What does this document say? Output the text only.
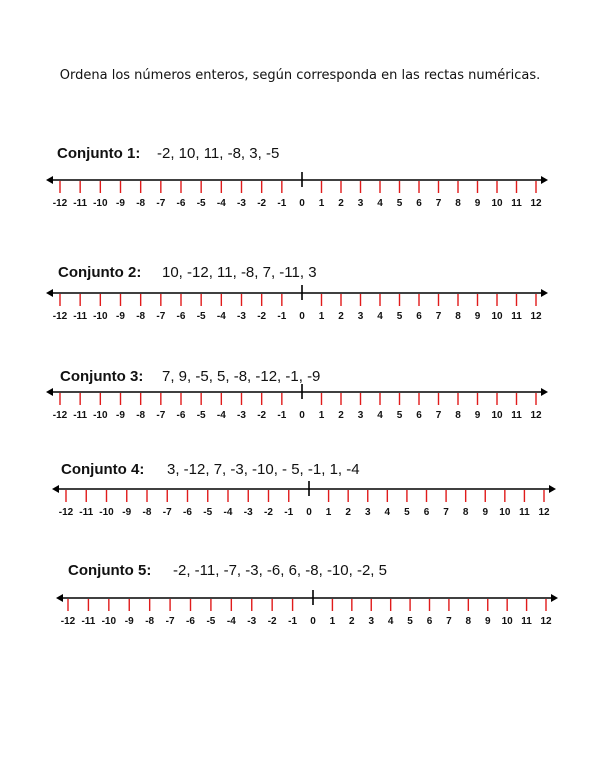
Ordena los números enteros, según corresponda en las rectas numéricas.
Conjunto 1: -2, 10, 11, -8, 3, -5
-12 -11 -10 -9 -8 -7 -6 -5 -4 -3 -2 -1 0 1 2 3 4 5 6 7 8 9 10 11 12
Conjunto 2: 10, -12, 11, -8, 7, -11, 3
-12 -11 -10 -9 -8 -7 -6 -5 -4 -3 -2 -1 0 1 2 3 4 5 6 7 8 9 10 11 12
Conjunto 3: 7, 9, -5, 5, -8, -12, -1, -9
-12 -11 -10 -9 -8 -7 -6 -5 -4 -3 -2 -1 0 1 2 3 4 5 6 7 8 9 10 11 12
Conjunto 4: 3, -12, 7, -3, -10, - 5, -1, 1, -4
-12 -11 -10 -9 -8 -7 -6 -5 -4 -3 -2 -1 0 1 2 3 4 5 6 7 8 9 10 11 12
Conjunto 5: -2, -11, -7, -3, -6, 6, -8, -10, -2, 5
-12 -11 -10 -9 -8 -7 -6 -5 -4 -3 -2 -1 0 1 2 3 4 5 6 7 8 9 10 11 12
